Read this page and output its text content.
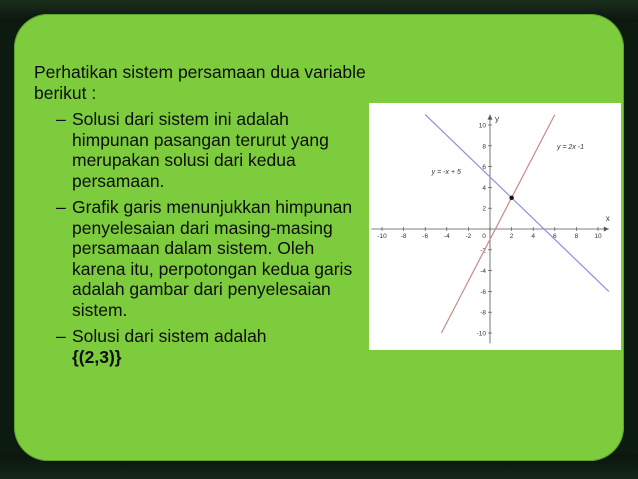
Perhatikan sistem persamaan dua variable berikut :

– Solusi dari sistem ini adalah himpunan pasangan terurut yang merupakan solusi dari kedua persamaan.
– Grafik garis menunjukkan himpunan penyelesaian dari masing-masing persamaan dalam sistem. Oleh karena itu, perpotongan kedua garis adalah gambar dari penyelesaian sistem.
– Solusi dari sistem adalah
{(2,3)}
x
y
-10 -8 -6 -4 -2 0	2	4	6	8 10
-10
-8
-6
-4
-2
2
4
6
8
10
y = 2x -1
y = -x + 5
